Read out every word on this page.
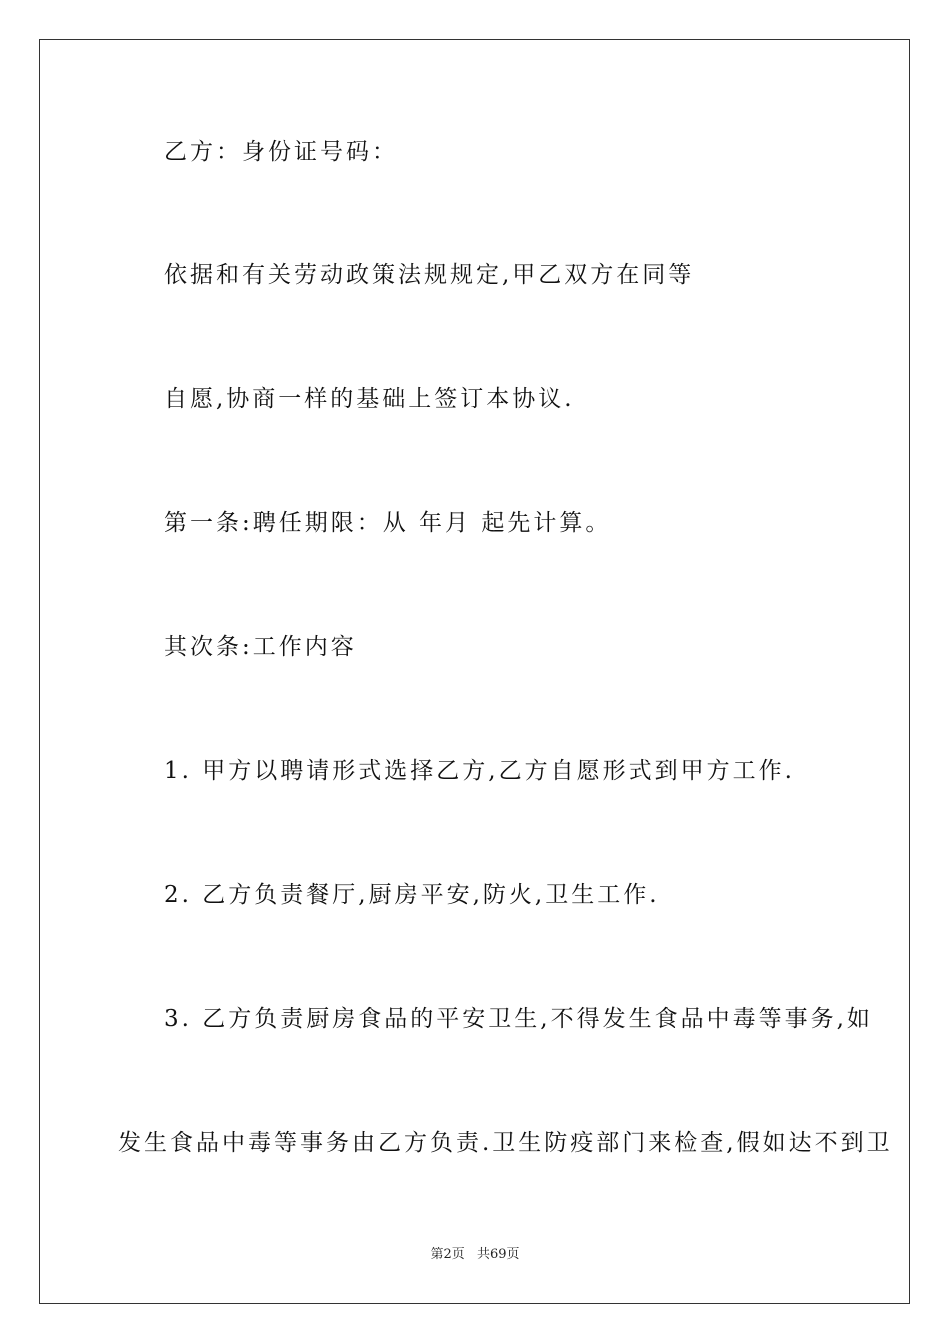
乙方：身份证号码：
依据和有关劳动政策法规规定,甲乙双方在同等
自愿,协商一样的基础上签订本协议.
第一条:聘任期限：从 年月 起先计算。
其次条:工作内容
1. 甲方以聘请形式选择乙方,乙方自愿形式到甲方工作.
2. 乙方负责餐厅,厨房平安,防火,卫生工作.
3. 乙方负责厨房食品的平安卫生,不得发生食品中毒等事务,如
发生食品中毒等事务由乙方负责.卫生防疫部门来检查,假如达不到卫
第2页 共69页
